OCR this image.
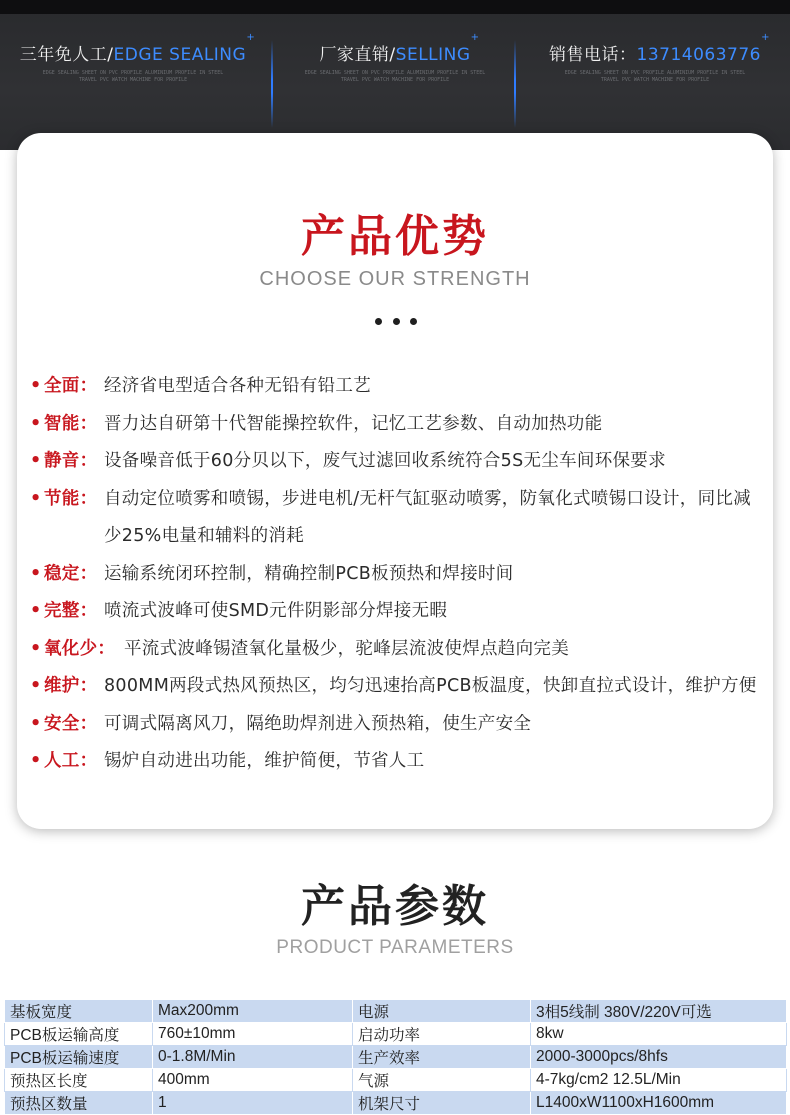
三年免人工/EDGE SEALING
+
EDGE SEALING SHEET ON PVC PROFILE ALUMINIUM PROFILE IN STEEL
TRAVEL PVC WATCH MACHINE FOR PROFILE
厂家直销/SELLING
+
EDGE SEALING SHEET ON PVC PROFILE ALUMINIUM PROFILE IN STEEL
TRAVEL PVC WATCH MACHINE FOR PROFILE
销售电话：13714063776
+
EDGE SEALING SHEET ON PVC PROFILE ALUMINIUM PROFILE IN STEEL
TRAVEL PVC WATCH MACHINE FOR PROFILE
产品优势
CHOOSE OUR STRENGTH
• 全面： 经济省电型适合各种无铅有铅工艺
• 智能： 晋力达自研第十代智能操控软件，记忆工艺参数、自动加热功能
• 静音： 设备噪音低于60分贝以下，废气过滤回收系统符合5S无尘车间环保要求
• 节能： 自动定位喷雾和喷锡，步进电机/无杆气缸驱动喷雾，防氧化式喷锡口设计，同比减少25%电量和辅料的消耗
• 稳定： 运输系统闭环控制，精确控制PCB板预热和焊接时间
• 完整： 喷流式波峰可使SMD元件阴影部分焊接无暇
• 氧化少： 平流式波峰锡渣氧化量极少，驼峰层流波使焊点趋向完美
• 维护： 800MM两段式热风预热区，均匀迅速抬高PCB板温度，快卸直拉式设计，维护方便
• 安全： 可调式隔离风刀，隔绝助焊剂进入预热箱，使生产安全
• 人工： 锡炉自动进出功能，维护简便，节省人工
产品参数
PRODUCT PARAMETERS
基板宽度	Max200mm	电源	3相5线制 380V/220V可选
PCB板运输高度	760±10mm	启动功率	8kw
PCB板运输速度	0-1.8M/Min	生产效率	2000-3000pcs/8hfs
预热区长度	400mm	气源	4-7kg/cm2 12.5L/Min
预热区数量	1	机架尺寸	L1400xW1100xH1600mm
